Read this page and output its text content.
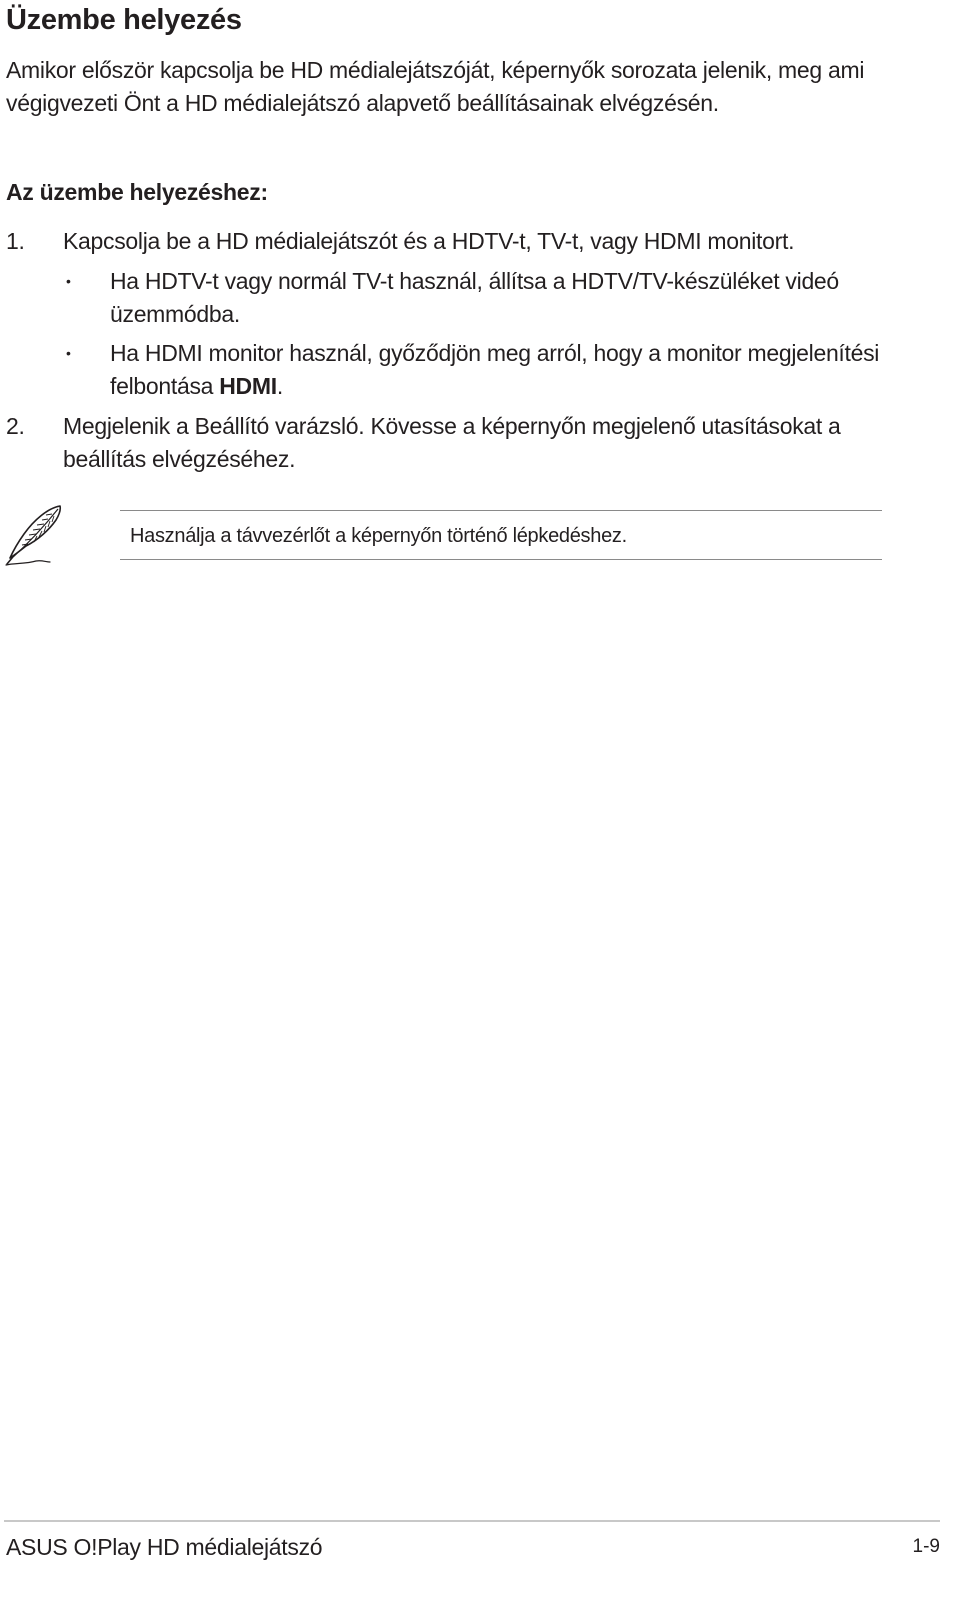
Üzembe helyezés

Amikor először kapcsolja be HD médialejátszóját, képernyők sorozata jelenik, meg ami végigvezeti Önt a HD médialejátszó alapvető beállításainak elvégzésén.

Az üzembe helyezéshez:
1. Kapcsolja be a HD médialejátszót és a HDTV-t, TV-t, vagy HDMI monitort.
• Ha HDTV-t vagy normál TV-t használ, állítsa a HDTV/TV-készüléket videó üzemmódba.
• Ha HDMI monitor használ, győződjön meg arról, hogy a monitor megjelenítési felbontása HDMI.
2. Megjelenik a Beállító varázsló. Kövesse a képernyőn megjelenő utasításokat a beállítás elvégzéséhez.
Használja a távvezérlőt a képernyőn történő lépkedéshez.
ASUS O!Play HD médialejátszó	1-9
